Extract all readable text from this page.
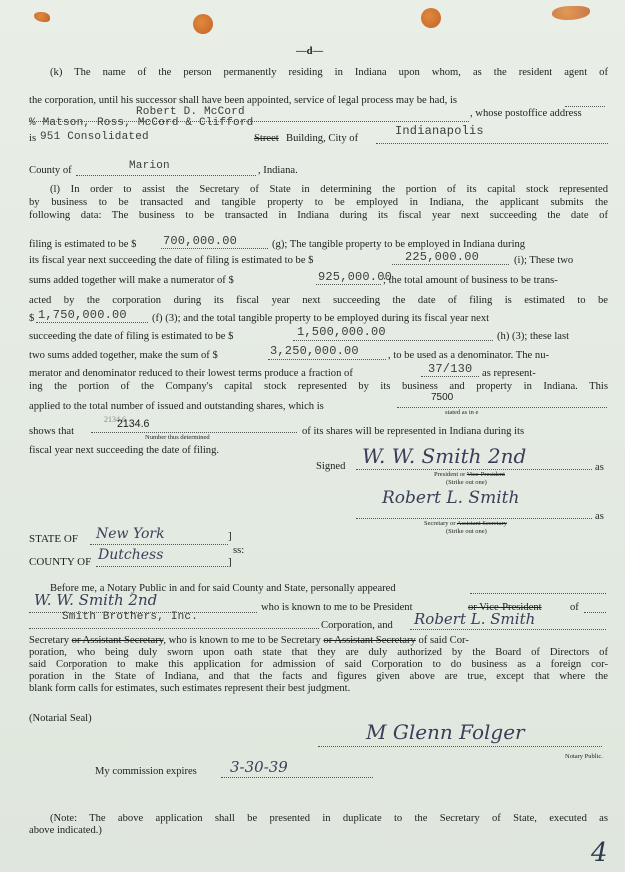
—d—
(k) The name of the person permanently residing in Indiana upon whom, as the resident agent of
the corporation, until his successor shall have been appointed, service of legal process may be had, is
Robert D. McCord	, whose postoffice address
% Matson, Ross, McCord & Clifford
is 951 Consolidated	Street Building, City of
Indianapolis
County of	Marion	, Indiana.
(l) In order to assist the Secretary of State in determining the portion of its capital stock represented
by business to be transacted and tangible property to be employed in Indiana, the applicant submits the
following data: The business to be transacted in Indiana during its fiscal year next succeeding the date of
filing is estimated to be $ 700,000.00	(g); The tangible property to be employed in Indiana during
its fiscal year next succeeding the date of filing is estimated to be $	225,000.00	(i); These two
sums added together will make a numerator of $	925,000.00
; the total amount of business to be trans-
acted by the corporation during its fiscal year next succeeding the date of filing is estimated to be
$ 1,750,000.00 (f) (3); and the total tangible property to be employed during its fiscal year next
succeeding the date of filing is estimated to be $	1,500,000.00	(h) (3); these last
two sums added together, make the sum of $	3,250,000.00	, to be used as a denominator. The nu-
merator and denominator reduced to their lowest terms produce a fraction of	37/130 as represent-
ing the portion of the Company's capital stock represented by its business and property in Indiana. This
applied to the total number of issued and outstanding shares, which is
7500
stated as in e
2134.6
shows that
2134.6
Number thus determined
of its shares will be represented in Indiana during its
fiscal year next succeeding the date of filing.
Signed W. W. Smith 2nd	as
President or Vice-President
(Strike out one)
Robert L. Smith
as
Secretary or Assistant Secretary
(Strike out one)
STATE OF New York
COUNTY OF Dutchess
]
ss:
]
Before me, a Notary Public in and for said County and State, personally appeared
W. W. Smith 2nd	who is known to me to be President	or Vice-President	of
Smith Brothers, Inc.
Corporation, and Robert L. Smith
Secretary or Assistant Secretary, who is known to me to be Secretary or Assistant Secretary of said Cor-
poration, who being duly sworn upon oath state that they are duly authorized by the Board of Directors of
said Corporation to make this application for admission of said Corporation to do business as a foreign cor-
poration in the State of Indiana, and that the facts and figures given above are true, except that where the
blank form calls for estimates, such estimates represent their best judgment.
(Notarial Seal)
M Glenn Folger
Notary Public.
My commission expires 3-30-39
(Note: The above application shall be presented in duplicate to the Secretary of State, executed as
above indicated.)
4
